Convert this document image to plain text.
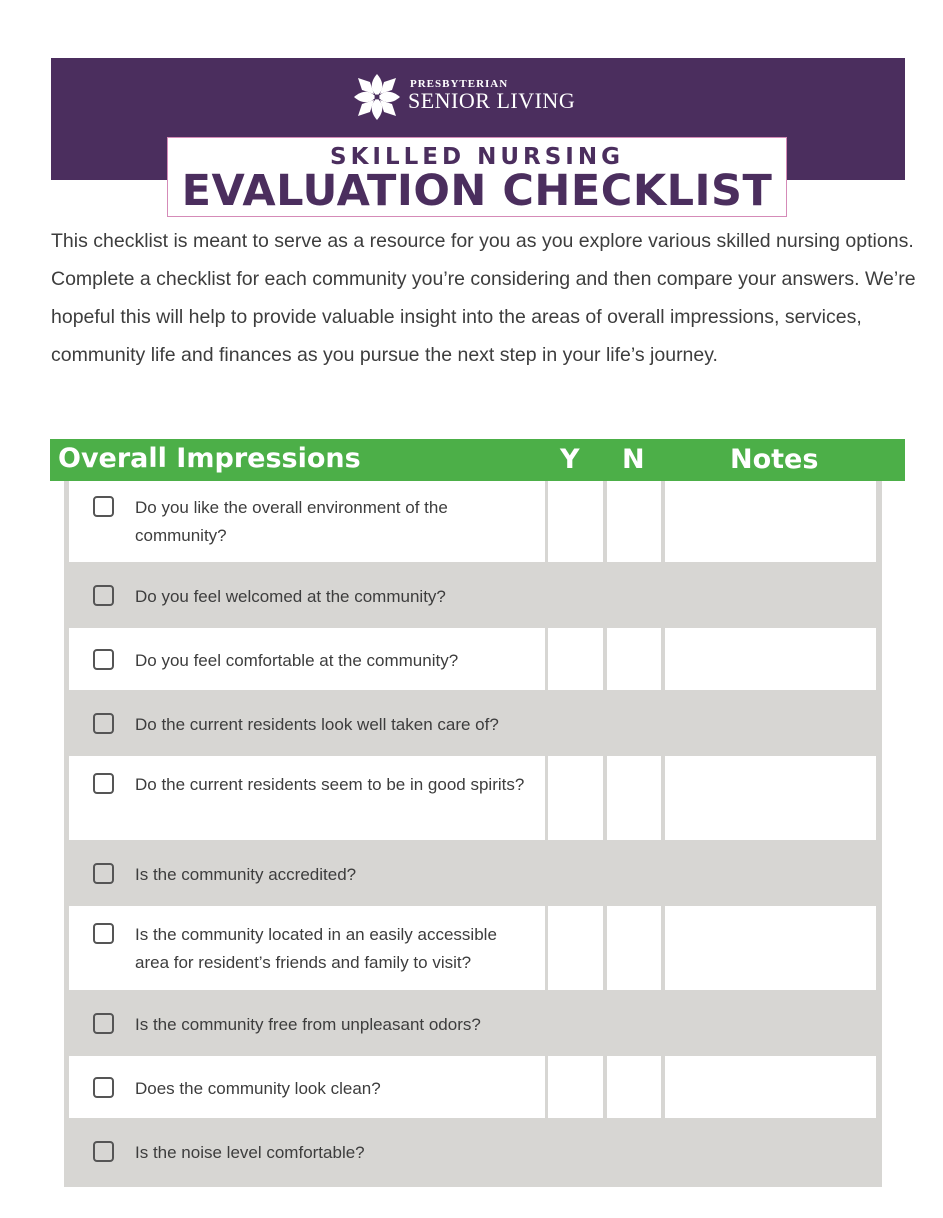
PRESBYTERIAN
SENIOR LIVING
SKILLED NURSING
EVALUATION CHECKLIST

This checklist is meant to serve as a resource for you as you explore various skilled nursing options. Complete a checklist for each community you’re considering and then compare your answers. We’re hopeful this will help to provide valuable insight into the areas of overall impressions, services, community life and finances as you pursue the next step in your life’s journey.

Overall Impressions	Y N	Notes
Do you like the overall environment of the community?
Do you feel welcomed at the community?
Do you feel comfortable at the community?
Do the current residents look well taken care of?
Do the current residents seem to be in good spirits?
Is the community accredited?
Is the community located in an easily accessible area for resident’s friends and family to visit?
Is the community free from unpleasant odors?
Does the community look clean?
Is the noise level comfortable?
